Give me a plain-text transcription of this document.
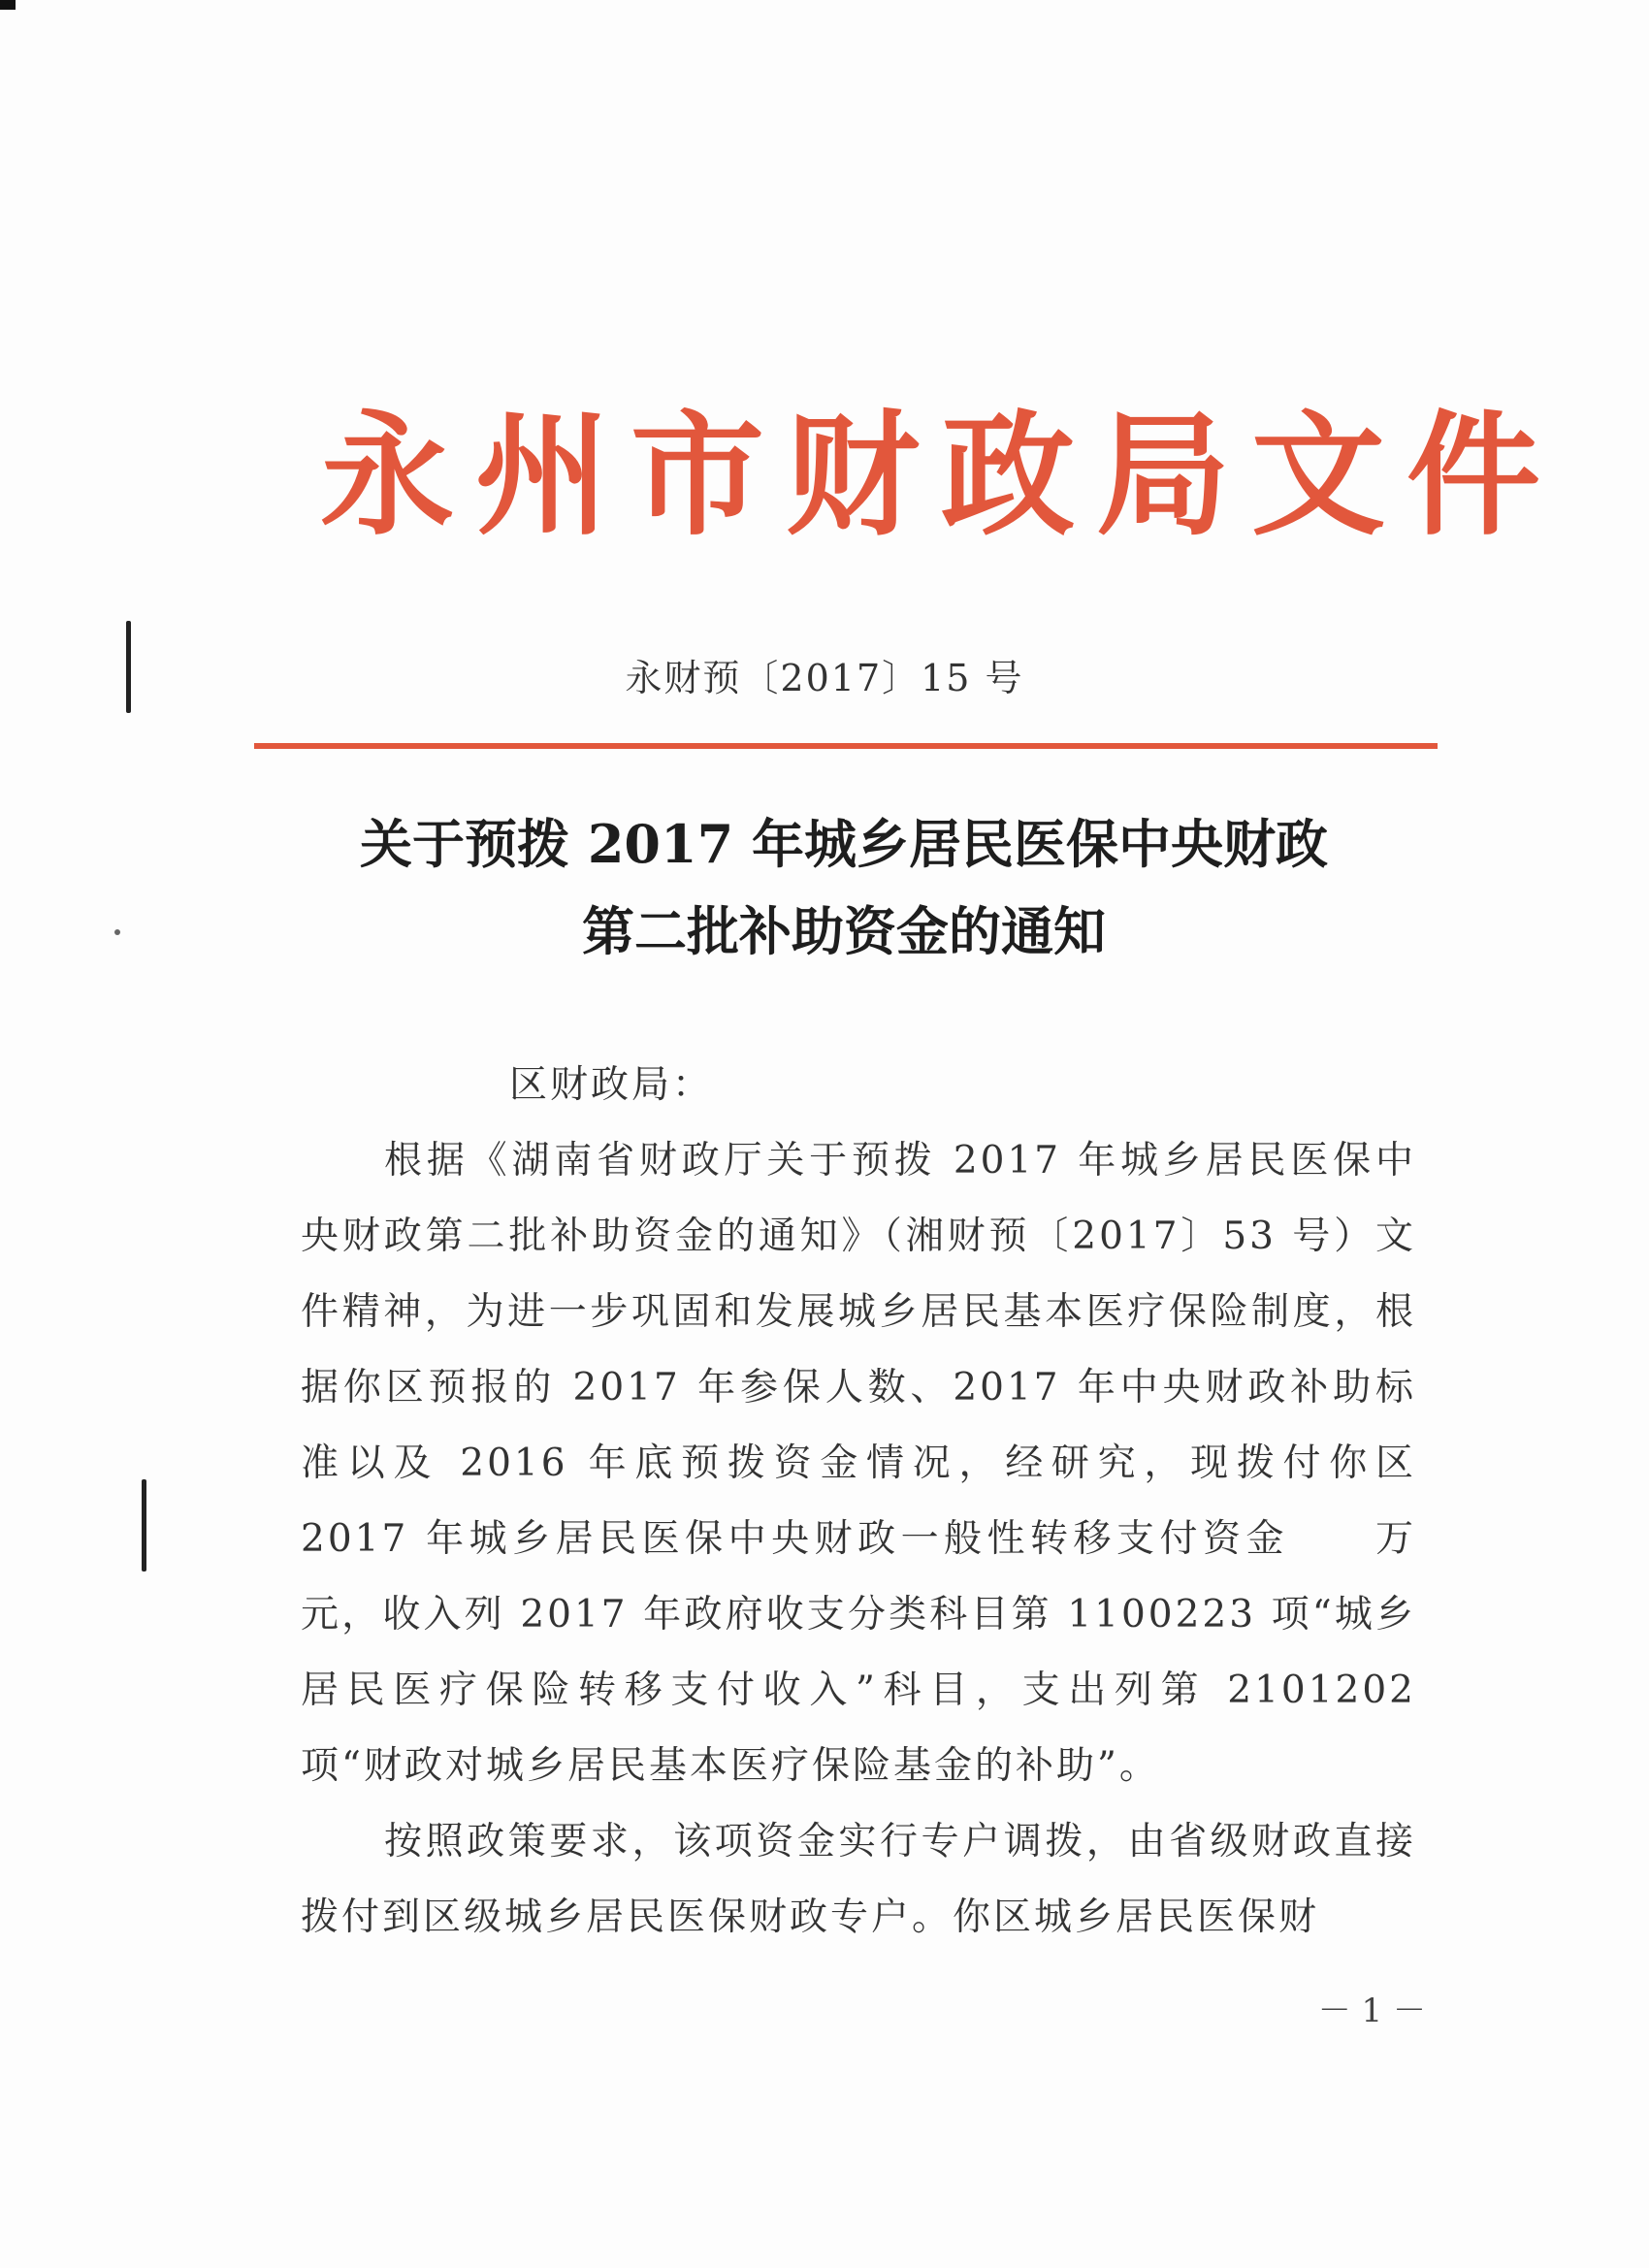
永州市财政局文件
永财预〔2017〕15 号
关于预拨 2017 年城乡居民医保中央财政
第二批补助资金的通知
区财政局：

根据《湖南省财政厅关于预拨 2017 年城乡居民医保中央财政第二批补助资金的通知》（湘财预〔2017〕53 号）文件精神，为进一步巩固和发展城乡居民基本医疗保险制度，根据你区预报的 2017 年参保人数、2017 年中央财政补助标准以及 2016 年底预拨资金情况，经研究，现拨付你区 2017 年城乡居民医保中央财政一般性转移支付资金　　万元，收入列 2017 年政府收支分类科目第 1100223 项“城乡居民医疗保险转移支付收入”科目，支出列第 2101202 项“财政对城乡居民基本医疗保险基金的补助”。

按照政策要求，该项资金实行专户调拨，由省级财政直接拨付到区级城乡居民医保财政专户。你区城乡居民医保财

－ 1 －
